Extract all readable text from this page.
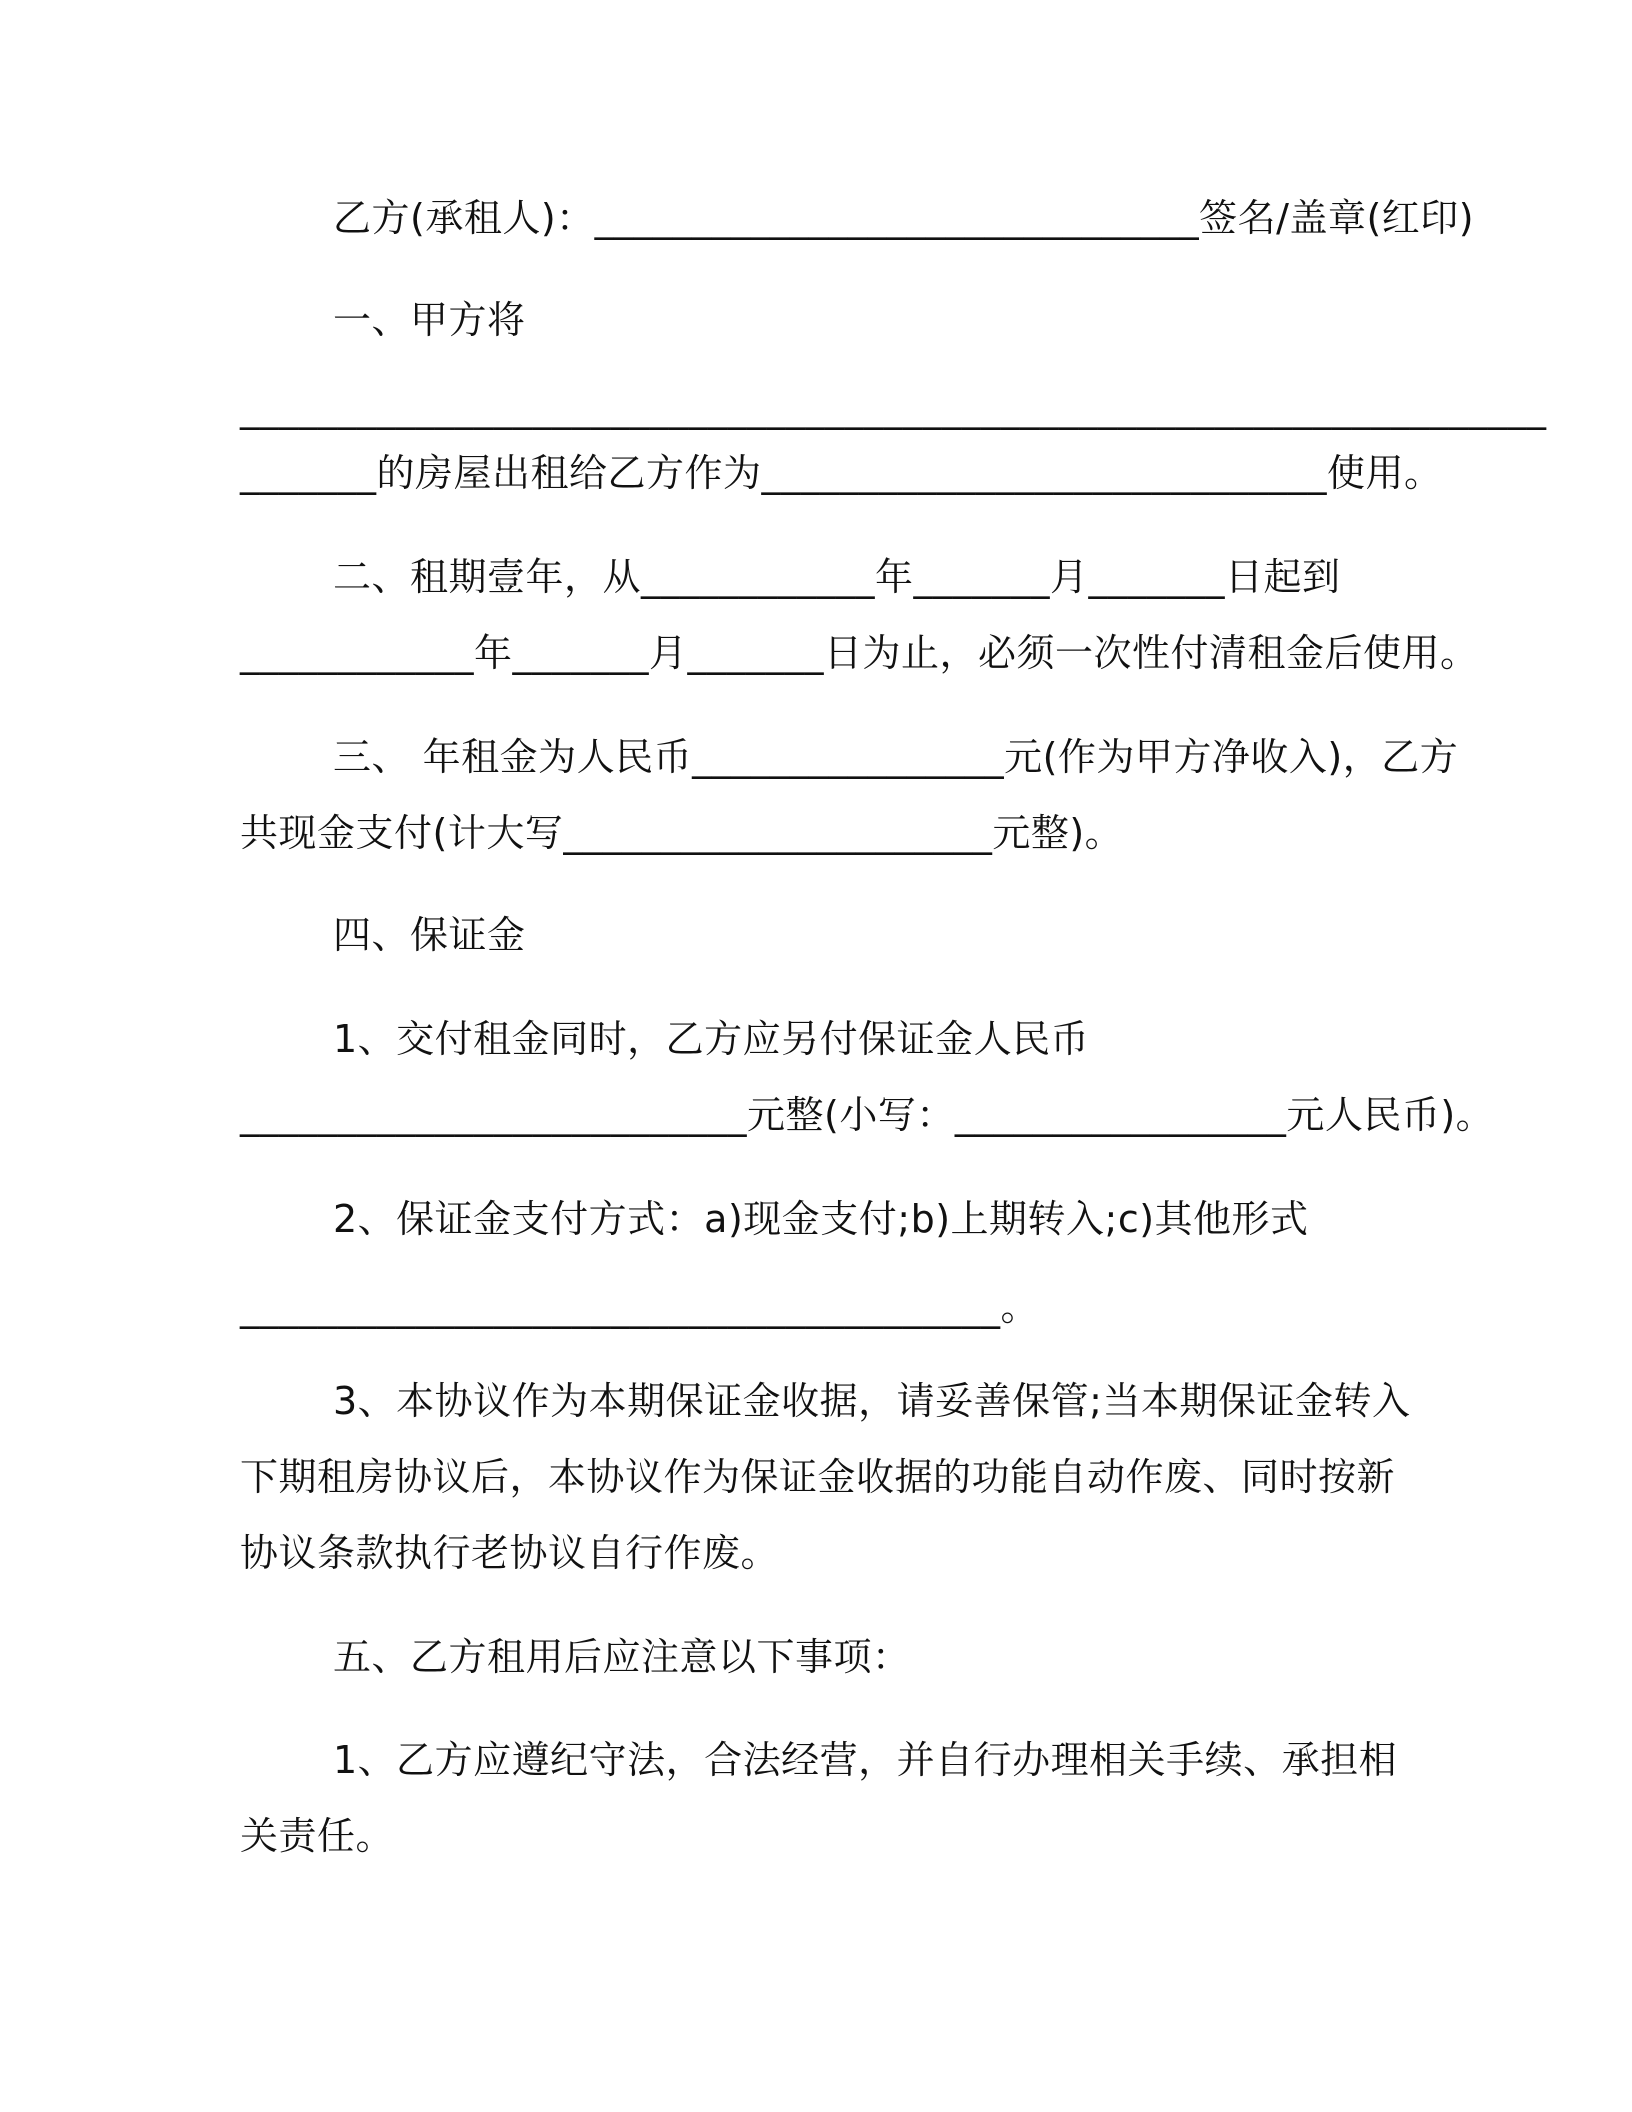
乙方(承租人)：_______________________________签名/盖章(红印)
一、甲方将
___________________________________________________________________
_______的房屋出租给乙方作为_____________________________使用。
二、租期壹年，从____________年_______月_______日起到
____________年_______月_______日为止，必须一次性付清租金后使用。
三、 年租金为人民币________________元(作为甲方净收入)，乙方
共现金支付(计大写______________________元整)。
四、保证金
1、交付租金同时，乙方应另付保证金人民币
__________________________元整(小写：_________________元人民币)。
2、保证金支付方式：a)现金支付;b)上期转入;c)其他形式
_______________________________________。
3、本协议作为本期保证金收据，请妥善保管;当本期保证金转入
下期租房协议后，本协议作为保证金收据的功能自动作废、同时按新
协议条款执行老协议自行作废。
五、乙方租用后应注意以下事项：
1、乙方应遵纪守法，合法经营，并自行办理相关手续、承担相
关责任。
